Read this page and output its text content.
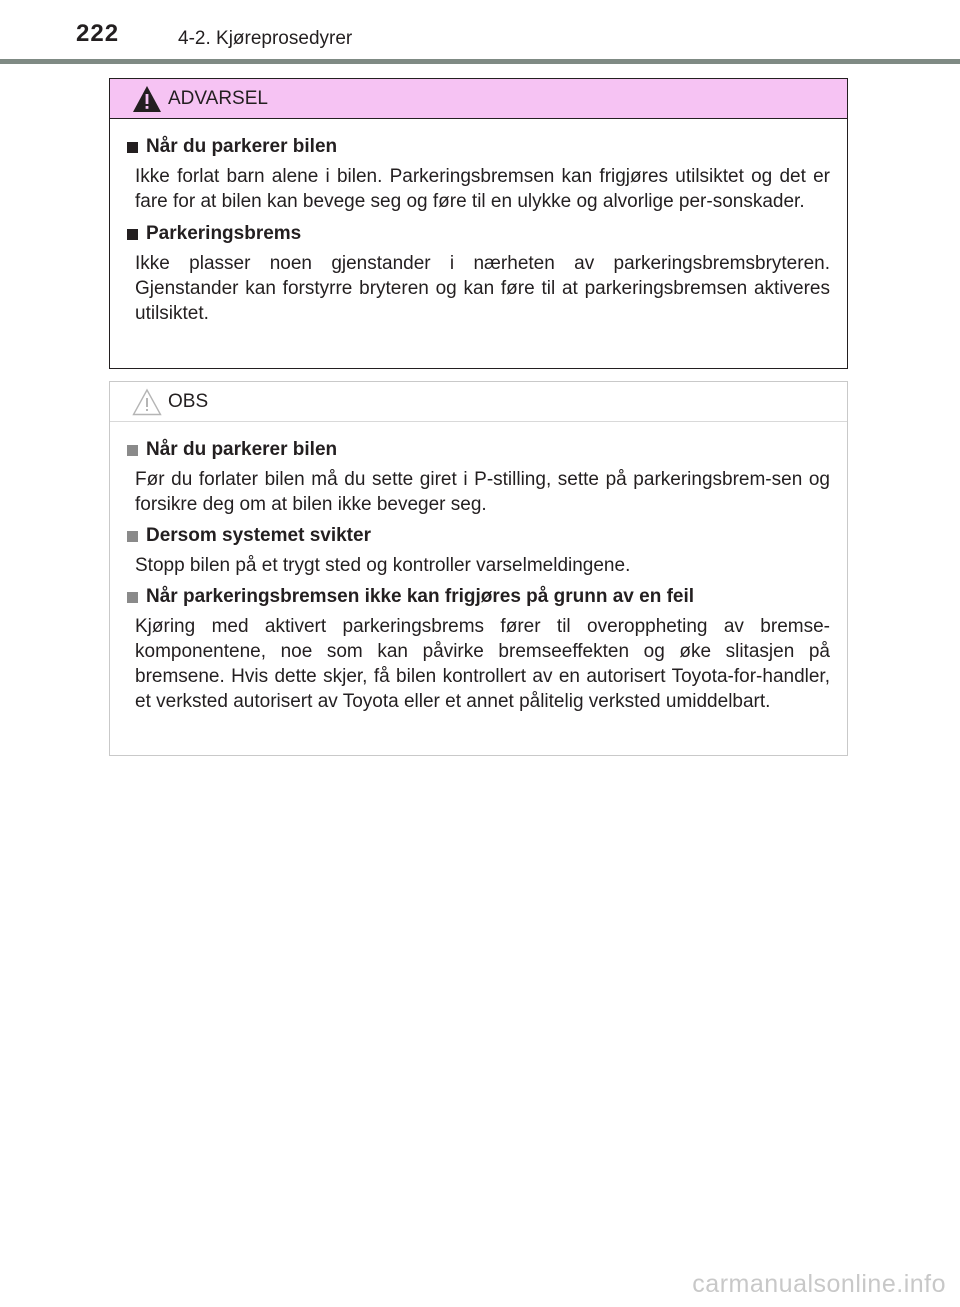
222	4-2. Kjøreprosedyrer
ADVARSEL
Når du parkerer bilen
Ikke forlat barn alene i bilen. Parkeringsbremsen kan frigjøres utilsiktet og det er fare for at bilen kan bevege seg og føre til en ulykke og alvorlige per-sonskader.
Parkeringsbrems
Ikke plasser noen gjenstander i nærheten av parkeringsbremsbryteren. Gjenstander kan forstyrre bryteren og kan føre til at parkeringsbremsen aktiveres utilsiktet.
OBS
Når du parkerer bilen
Før du forlater bilen må du sette giret i P-stilling, sette på parkeringsbrem-sen og forsikre deg om at bilen ikke beveger seg.
Dersom systemet svikter
Stopp bilen på et trygt sted og kontroller varselmeldingene.
Når parkeringsbremsen ikke kan frigjøres på grunn av en feil
Kjøring med aktivert parkeringsbrems fører til overoppheting av bremse-komponentene, noe som kan påvirke bremseeffekten og øke slitasjen på bremsene. Hvis dette skjer, få bilen kontrollert av en autorisert Toyota-for-handler, et verksted autorisert av Toyota eller et annet pålitelig verksted umiddelbart.
carmanualsonline.info
